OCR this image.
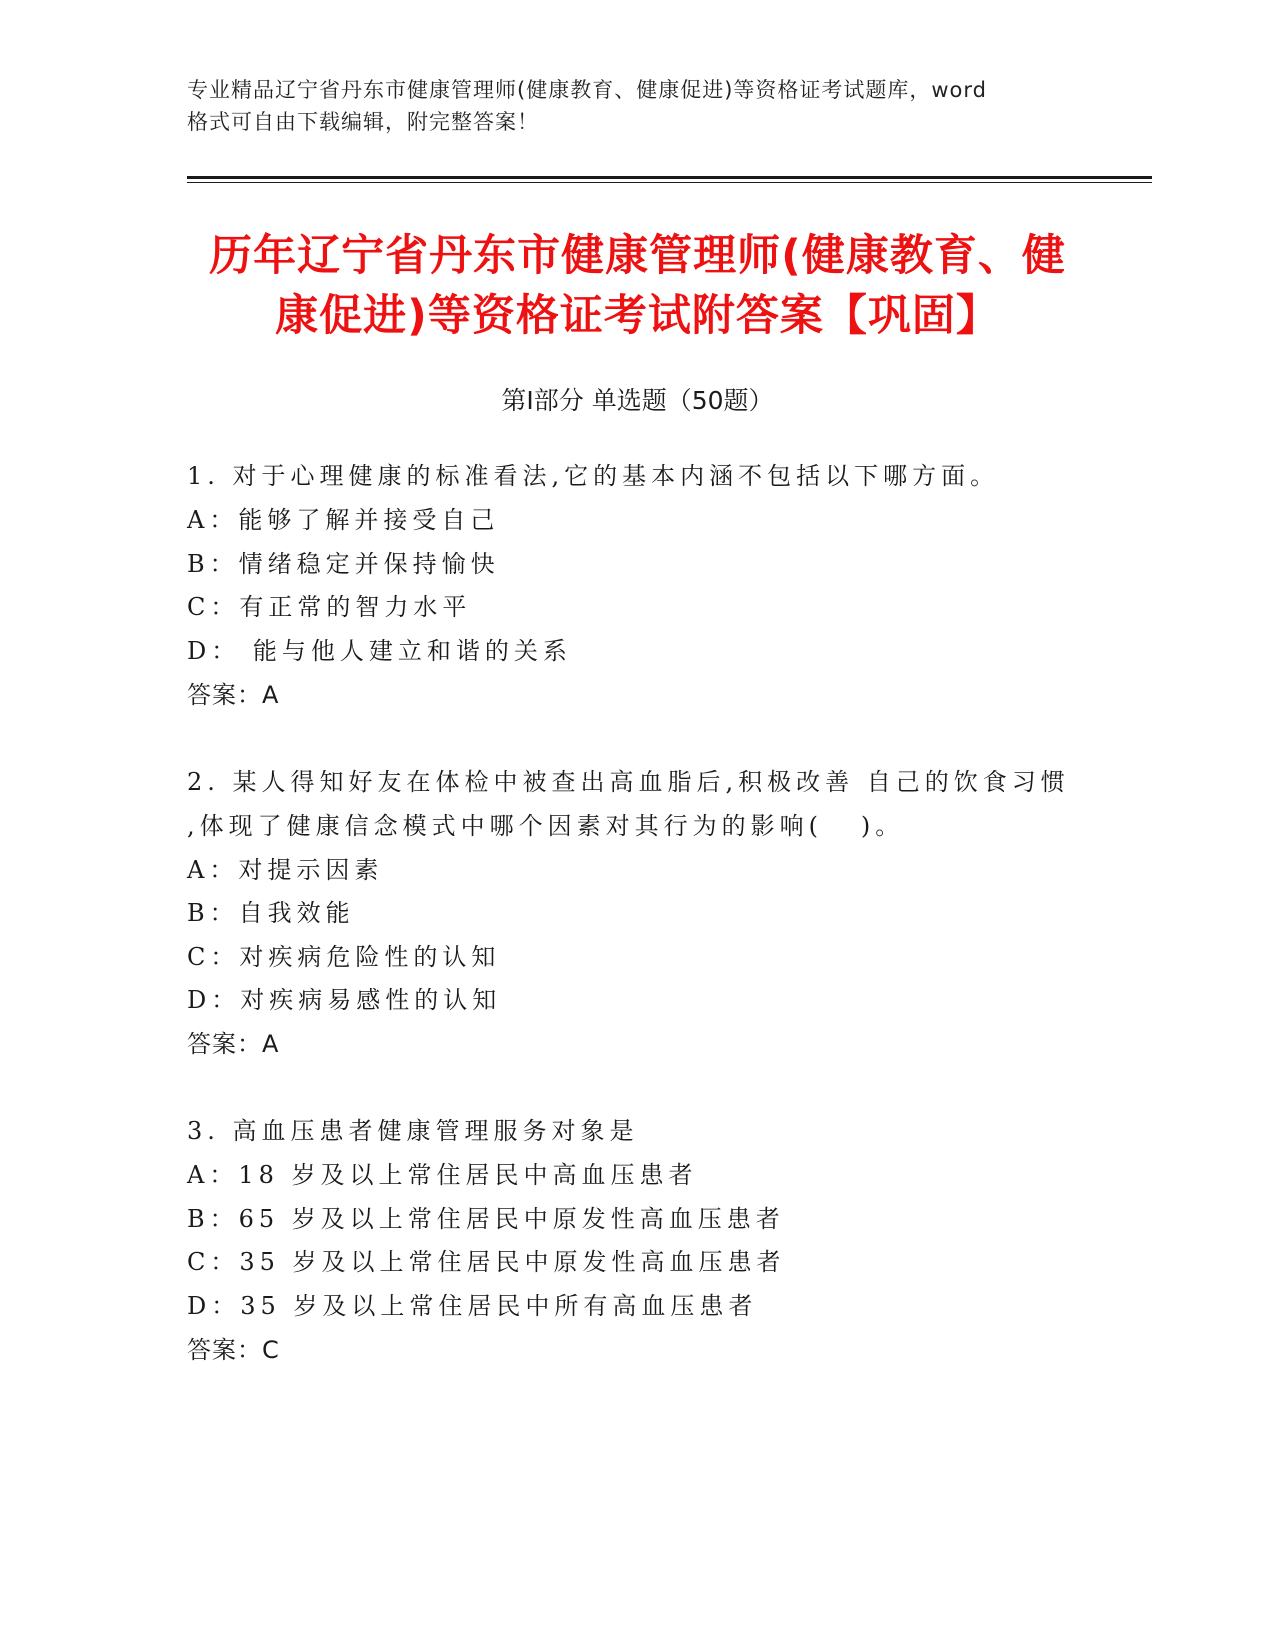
专业精品辽宁省丹东市健康管理师(健康教育、健康促进)等资格证考试题库，word
格式可自由下载编辑，附完整答案！
历年辽宁省丹东市健康管理师(健康教育、健
康促进)等资格证考试附答案【巩固】
第Ⅰ部分 单选题（50题）
1. 对于心理健康的标准看法,它的基本内涵不包括以下哪方面。
A：能够了解并接受自己
B：情绪稳定并保持愉快
C：有正常的智力水平
D： 能与他人建立和谐的关系
答案：A
2. 某人得知好友在体检中被查出高血脂后,积极改善 自己的饮食习惯
,体现了健康信念模式中哪个因素对其行为的影响(   )。
A：对提示因素
B：自我效能
C：对疾病危险性的认知
D：对疾病易感性的认知
答案：A
3. 高血压患者健康管理服务对象是
A：18 岁及以上常住居民中高血压患者
B：65 岁及以上常住居民中原发性高血压患者
C：35 岁及以上常住居民中原发性高血压患者
D：35 岁及以上常住居民中所有高血压患者
答案：C
